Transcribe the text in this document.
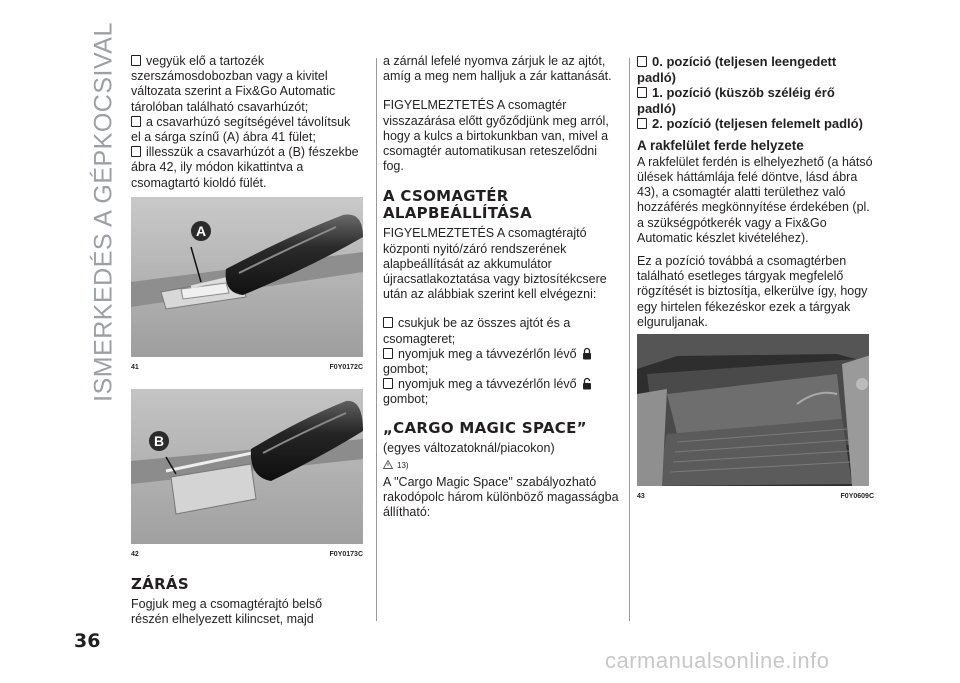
ISMERKEDÉS A GÉPKOCSIVAL	vegyük elő a tartozék szerszámosdobozban vagy a kivitel változata szerint a Fix&Go Automatic tárolóban található csavarhúzót;
a csavarhúzó segítségével távolítsuk el a sárga színű (A) ábra 41 fület;
illesszük a csavarhúzót a (B) fészekbe ábra 42, ily módon kikattintva a csomagtartó kioldó fülét.
A
41	F0Y0172C
B
42	F0Y0173C
ZÁRÁS

Fogjuk meg a csomagtérajtó belső részén elhelyezett kilincset, majd

a zárnál lefelé nyomva zárjuk le az ajtót, amíg a meg nem halljuk a zár kattanását.

FIGYELMEZTETÉS A csomagtér visszazárása előtt győződjünk meg arról, hogy a kulcs a birtokunkban van, mivel a csomagtér automatikusan reteszelődni fog.

A CSOMAGTÉR ALAPBEÁLLÍTÁSA

FIGYELMEZTETÉS A csomagtérajtó központi nyitó/záró rendszerének alapbeállítását az akkumulátor újracsatlakoztatása vagy biztosítékcsere után az alábbiak szerint kell elvégezni:

csukjuk be az összes ajtót és a csomagteret;
nyomjuk meg a távvezérlőn lévő
gombot;
nyomjuk meg a távvezérlőn lévő
gombot;
„CARGO MAGIC SPACE”

(egyes változatoknál/piacokon)

$^{13)}$

A "Cargo Magic Space" szabályozható rakodópolc három különböző magasságba állítható:

0. pozíció (teljesen leengedett padló)
1. pozíció (küszöb széléig érő padló)
2. pozíció (teljesen felemelt padló)
A rakfelület ferde helyzete

A rakfelület ferdén is elhelyezhető (a hátsó ülések háttámlája felé döntve, lásd ábra 43), a csomagtér alatti területhez való hozzáférés megkönnyítése érdekében (pl. a szükségpótkerék vagy a Fix&Go Automatic készlet kivételéhez).

Ez a pozíció továbbá a csomagtérben található esetleges tárgyak megfelelő rögzítését is biztosítja, elkerülve így, hogy egy hirtelen fékezéskor ezek a tárgyak elguruljanak.

43	F0Y0609C
36
carmanualsonline.info
